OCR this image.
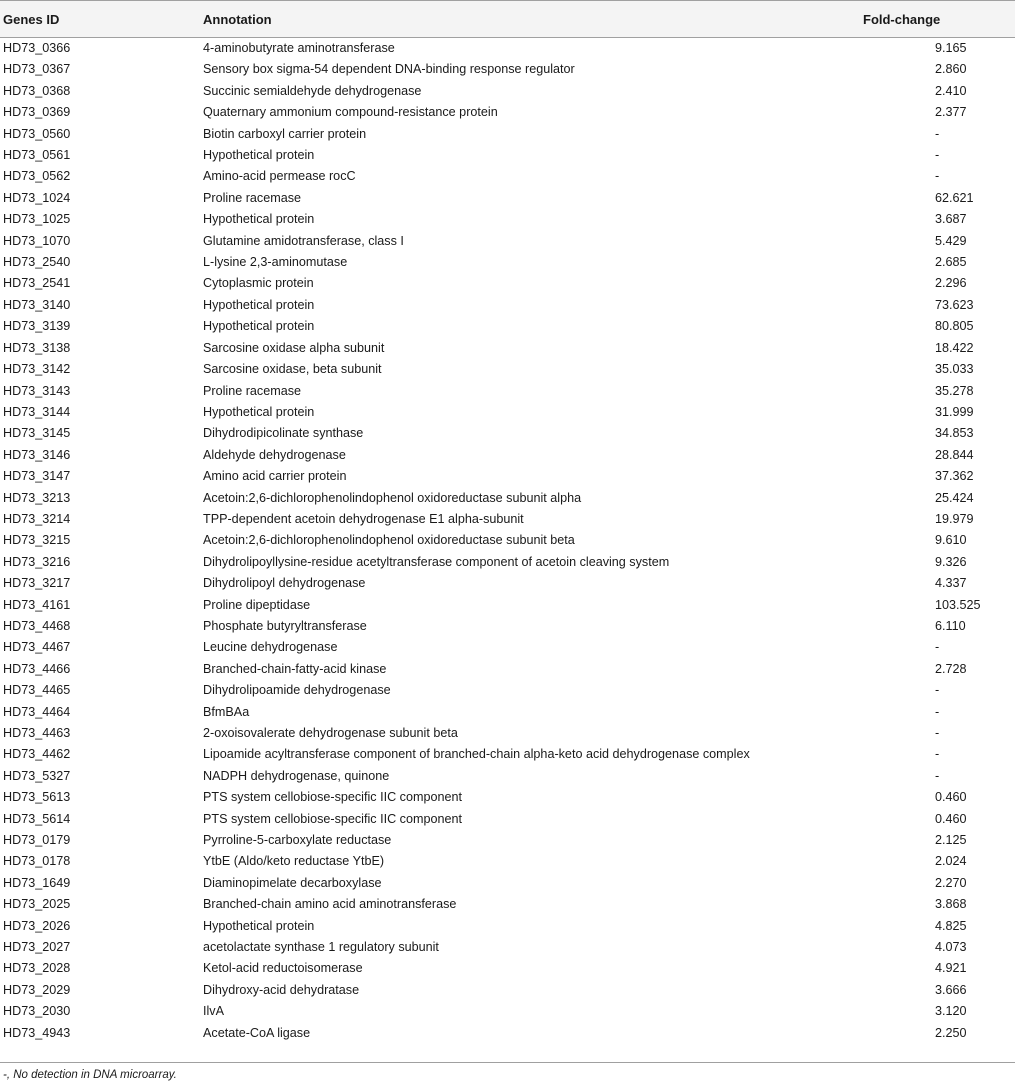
Genes ID	Annotation	Fold-change
HD73_0366	4-aminobutyrate aminotransferase	9.165
HD73_0367	Sensory box sigma-54 dependent DNA-binding response regulator	2.860
HD73_0368	Succinic semialdehyde dehydrogenase	2.410
HD73_0369	Quaternary ammonium compound-resistance protein	2.377
HD73_0560	Biotin carboxyl carrier protein	-
HD73_0561	Hypothetical protein	-
HD73_0562	Amino-acid permease rocC	-
HD73_1024	Proline racemase	62.621
HD73_1025	Hypothetical protein	3.687
HD73_1070	Glutamine amidotransferase, class I	5.429
HD73_2540	L-lysine 2,3-aminomutase	2.685
HD73_2541	Cytoplasmic protein	2.296
HD73_3140	Hypothetical protein	73.623
HD73_3139	Hypothetical protein	80.805
HD73_3138	Sarcosine oxidase alpha subunit	18.422
HD73_3142	Sarcosine oxidase, beta subunit	35.033
HD73_3143	Proline racemase	35.278
HD73_3144	Hypothetical protein	31.999
HD73_3145	Dihydrodipicolinate synthase	34.853
HD73_3146	Aldehyde dehydrogenase	28.844
HD73_3147	Amino acid carrier protein	37.362
HD73_3213	Acetoin:2,6-dichlorophenolindophenol oxidoreductase subunit alpha	25.424
HD73_3214	TPP-dependent acetoin dehydrogenase E1 alpha-subunit	19.979
HD73_3215	Acetoin:2,6-dichlorophenolindophenol oxidoreductase subunit beta	9.610
HD73_3216	Dihydrolipoyllysine-residue acetyltransferase component of acetoin cleaving system	9.326
HD73_3217	Dihydrolipoyl dehydrogenase	4.337
HD73_4161	Proline dipeptidase	103.525
HD73_4468	Phosphate butyryltransferase	6.110
HD73_4467	Leucine dehydrogenase	-
HD73_4466	Branched-chain-fatty-acid kinase	2.728
HD73_4465	Dihydrolipoamide dehydrogenase	-
HD73_4464	BfmBAa	-
HD73_4463	2-oxoisovalerate dehydrogenase subunit beta	-
HD73_4462	Lipoamide acyltransferase component of branched-chain alpha-keto acid dehydrogenase complex	-
HD73_5327	NADPH dehydrogenase, quinone	-
HD73_5613	PTS system cellobiose-specific IIC component	0.460
HD73_5614	PTS system cellobiose-specific IIC component	0.460
HD73_0179	Pyrroline-5-carboxylate reductase	2.125
HD73_0178	YtbE (Aldo/keto reductase YtbE)	2.024
HD73_1649	Diaminopimelate decarboxylase	2.270
HD73_2025	Branched-chain amino acid aminotransferase	3.868
HD73_2026	Hypothetical protein	4.825
HD73_2027	acetolactate synthase 1 regulatory subunit	4.073
HD73_2028	Ketol-acid reductoisomerase	4.921
HD73_2029	Dihydroxy-acid dehydratase	3.666
HD73_2030	IlvA	3.120
HD73_4943	Acetate-CoA ligase	2.250
-, No detection in DNA microarray.
